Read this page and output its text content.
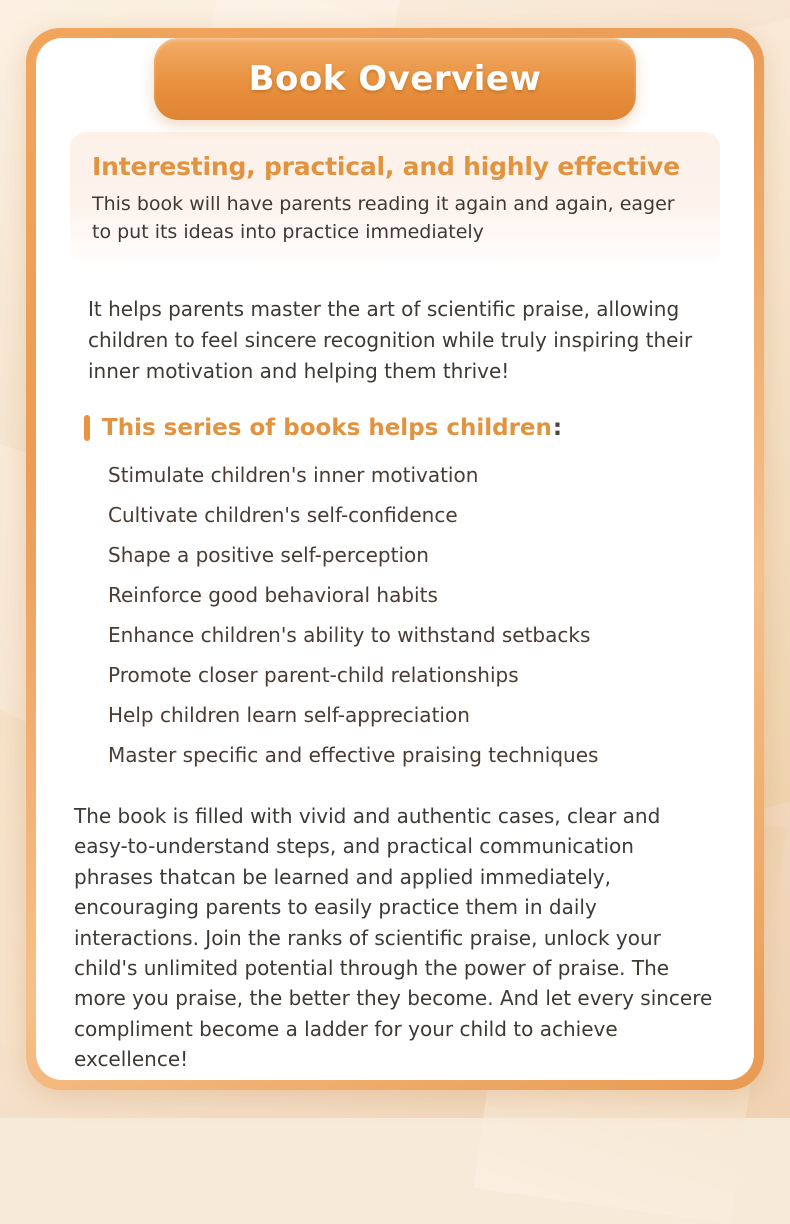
Book Overview
Interesting, practical, and highly effective

This book will have parents reading it again and again, eager to put its ideas into practice immediately

It helps parents master the art of scientific praise, allowing children to feel sincere recognition while truly inspiring their inner motivation and helping them thrive!

This series of books helps children :
Stimulate children's inner motivation
Cultivate children's self-confidence
Shape a positive self-perception
Reinforce good behavioral habits
Enhance children's ability to withstand setbacks
Promote closer parent-child relationships
Help children learn self-appreciation
Master specific and effective praising techniques

The book is filled with vivid and authentic cases, clear and easy-to-understand steps, and practical communication phrases thatcan be learned and applied immediately, encouraging parents to easily practice them in daily interactions. Join the ranks of scientific praise, unlock your child's unlimited potential through the power of praise. The more you praise, the better they become. And let every sincere compliment become a ladder for your child to achieve excellence!
